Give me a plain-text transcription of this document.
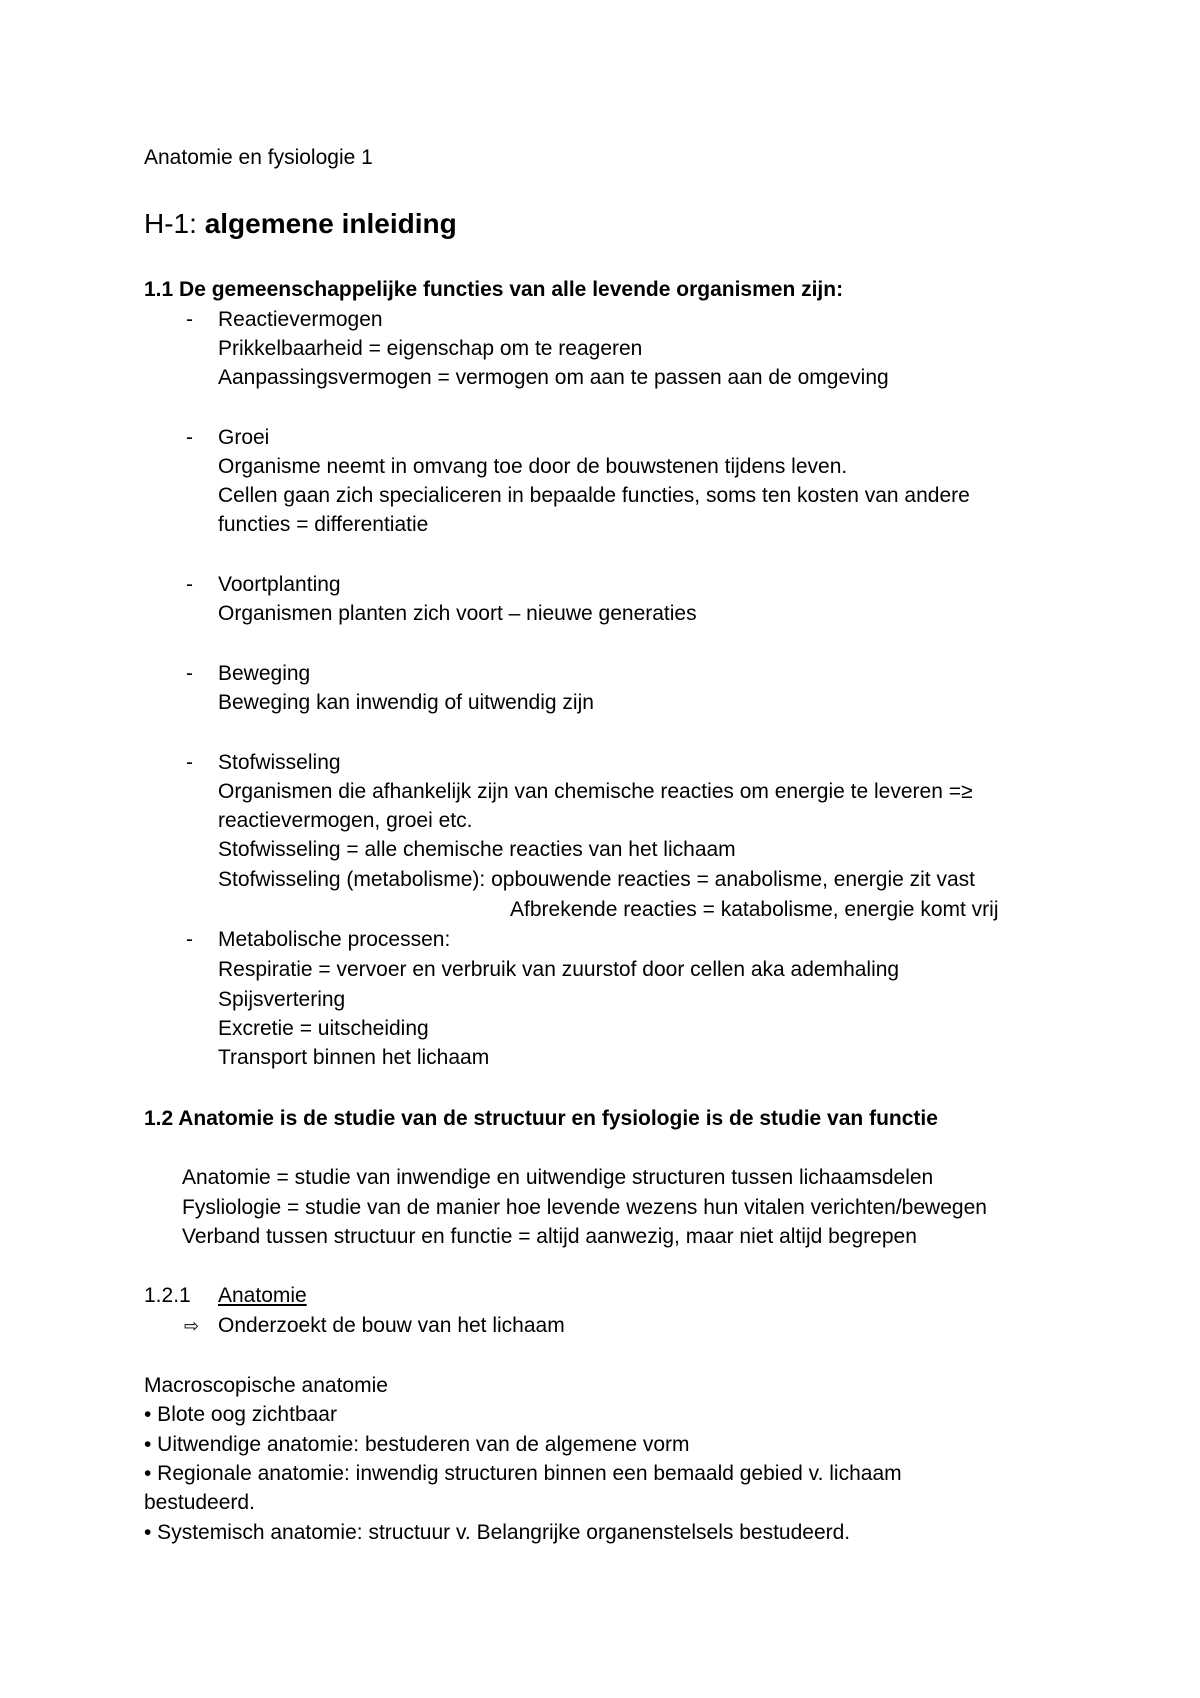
Anatomie en fysiologie 1
H-1: algemene inleiding
1.1 De gemeenschappelijke functies van alle levende organismen zijn:
- Reactievermogen
Prikkelbaarheid = eigenschap om te reageren
Aanpassingsvermogen = vermogen om aan te passen aan de omgeving
- Groei
Organisme neemt in omvang toe door de bouwstenen tijdens leven.
Cellen gaan zich specialiceren in bepaalde functies, soms ten kosten van andere
functies = differentiatie
- Voortplanting
Organismen planten zich voort – nieuwe generaties
- Beweging
Beweging kan inwendig of uitwendig zijn
- Stofwisseling
Organismen die afhankelijk zijn van chemische reacties om energie te leveren =≥
reactievermogen, groei etc.
Stofwisseling = alle chemische reacties van het lichaam
Stofwisseling (metabolisme): opbouwende reacties = anabolisme, energie zit vast
Afbrekende reacties = katabolisme, energie komt vrij
- Metabolische processen:
Respiratie = vervoer en verbruik van zuurstof door cellen aka ademhaling
Spijsvertering
Excretie = uitscheiding
Transport binnen het lichaam
1.2 Anatomie is de studie van de structuur en fysiologie is de studie van functie
Anatomie = studie van inwendige en uitwendige structuren tussen lichaamsdelen
Fysliologie = studie van de manier hoe levende wezens hun vitalen verichten/bewegen
Verband tussen structuur en functie = altijd aanwezig, maar niet altijd begrepen
1.2.1 Anatomie
⇨ Onderzoekt de bouw van het lichaam
Macroscopische anatomie
• Blote oog zichtbaar
• Uitwendige anatomie: bestuderen van de algemene vorm
• Regionale anatomie: inwendig structuren binnen een bemaald gebied v. lichaam
bestudeerd.
• Systemisch anatomie: structuur v. Belangrijke organenstelsels bestudeerd.
